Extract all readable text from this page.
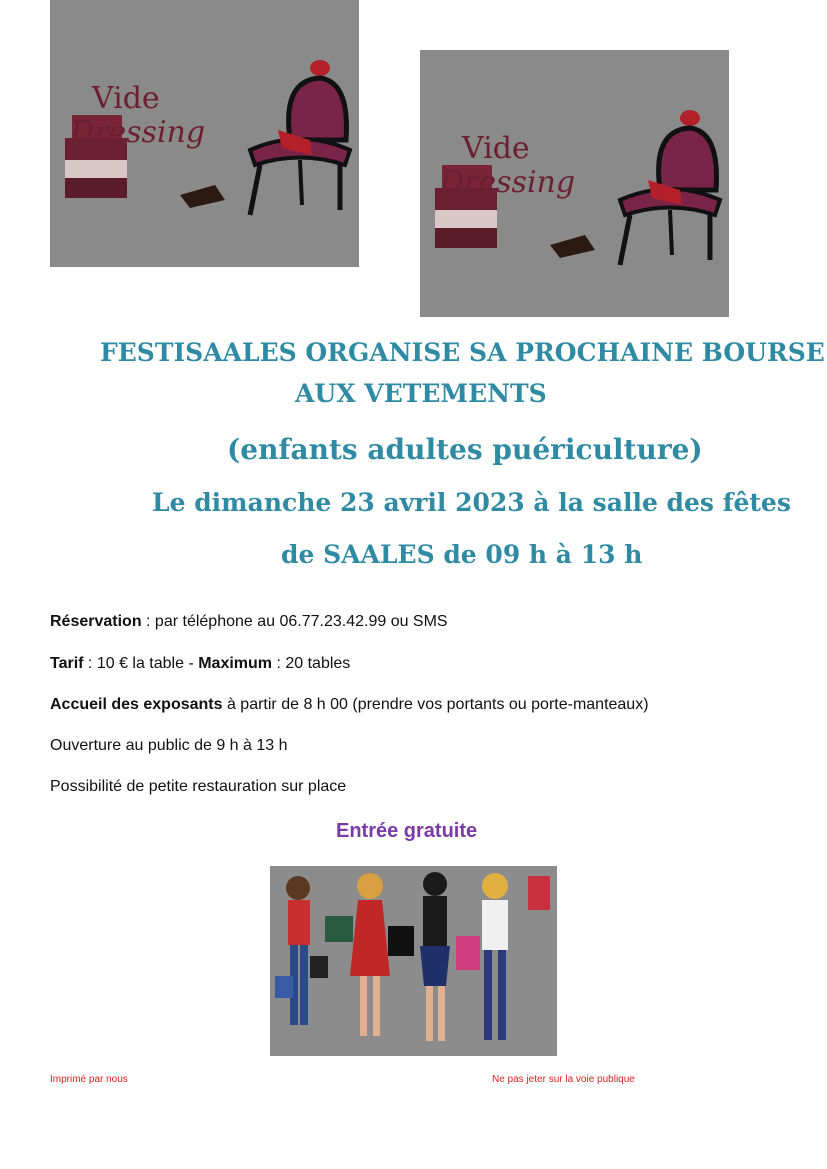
Vide
Dressing	Vide
Dressing
FESTISAALES ORGANISE SA PROCHAINE BOURSE
AUX VETEMENTS
(enfants adultes puériculture)
Le dimanche 23 avril 2023 à la salle des fêtes
de SAALES de 09 h à 13 h
Réservation : par téléphone au 06.77.23.42.99 ou SMS
Tarif : 10 € la table - Maximum : 20 tables
Accueil des exposants à partir de 8 h 00 (prendre vos portants ou porte-manteaux)
Ouverture au public de 9 h à 13 h
Possibilité de petite restauration sur place
Entrée gratuite
Imprimé par nous	Ne pas jeter sur la voie publique
